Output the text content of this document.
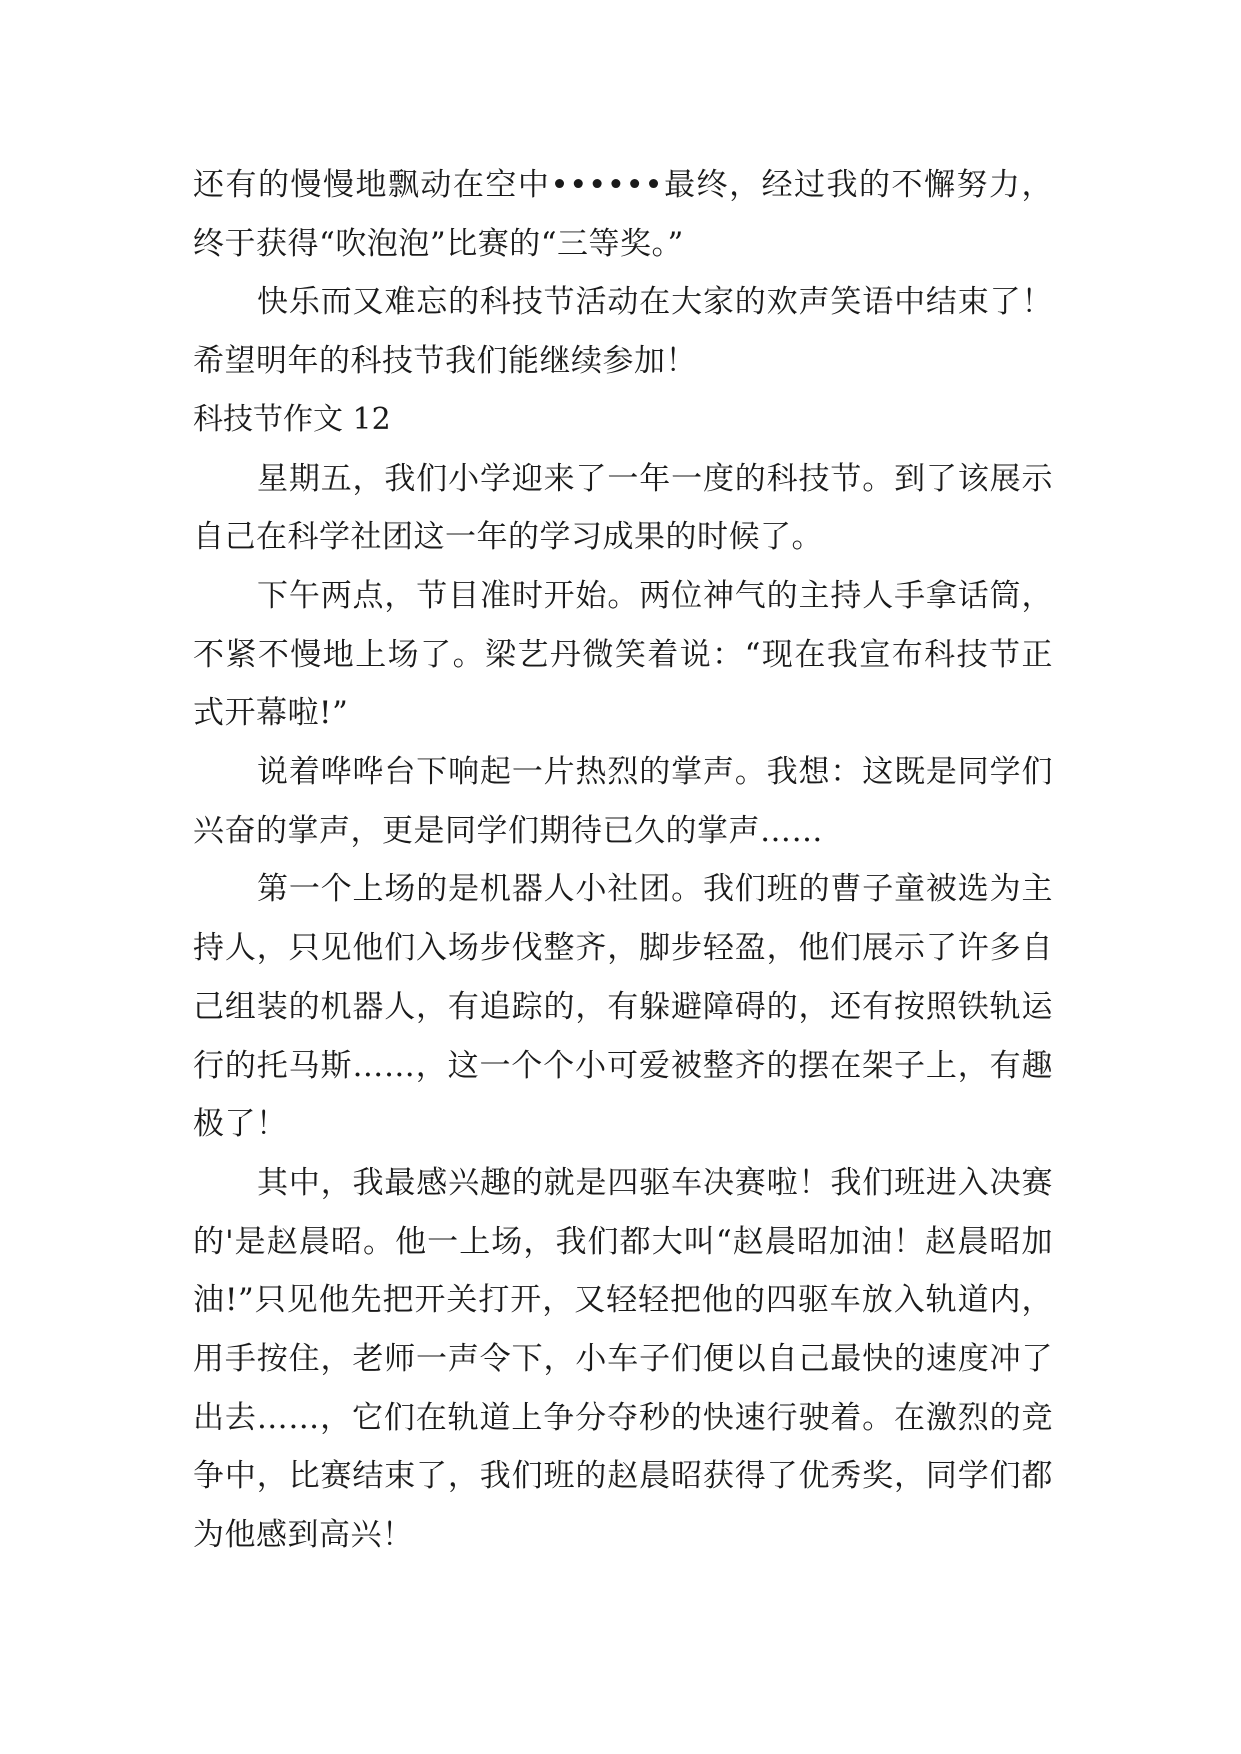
还有的慢慢地飘动在空中••••••最终，经过我的不懈努力，终于获得“吹泡泡”比赛的“三等奖。”

快乐而又难忘的科技节活动在大家的欢声笑语中结束了！希望明年的科技节我们能继续参加！

科技节作文 12

星期五，我们小学迎来了一年一度的科技节。到了该展示自己在科学社团这一年的学习成果的时候了。

下午两点，节目准时开始。两位神气的主持人手拿话筒，不紧不慢地上场了。梁艺丹微笑着说：“现在我宣布科技节正式开幕啦!”

说着哗哗台下响起一片热烈的掌声。我想：这既是同学们兴奋的掌声，更是同学们期待已久的掌声……

第一个上场的是机器人小社团。我们班的曹子童被选为主持人，只见他们入场步伐整齐，脚步轻盈，他们展示了许多自己组装的机器人，有追踪的，有躲避障碍的，还有按照铁轨运行的托马斯……，这一个个小可爱被整齐的摆在架子上，有趣极了！

其中，我最感兴趣的就是四驱车决赛啦！我们班进入决赛的'是赵晨昭。他一上场，我们都大叫“赵晨昭加油！赵晨昭加油!”只见他先把开关打开，又轻轻把他的四驱车放入轨道内，用手按住，老师一声令下，小车子们便以自己最快的速度冲了出去……，它们在轨道上争分夺秒的快速行驶着。在激烈的竞争中，比赛结束了，我们班的赵晨昭获得了优秀奖，同学们都为他感到高兴！
